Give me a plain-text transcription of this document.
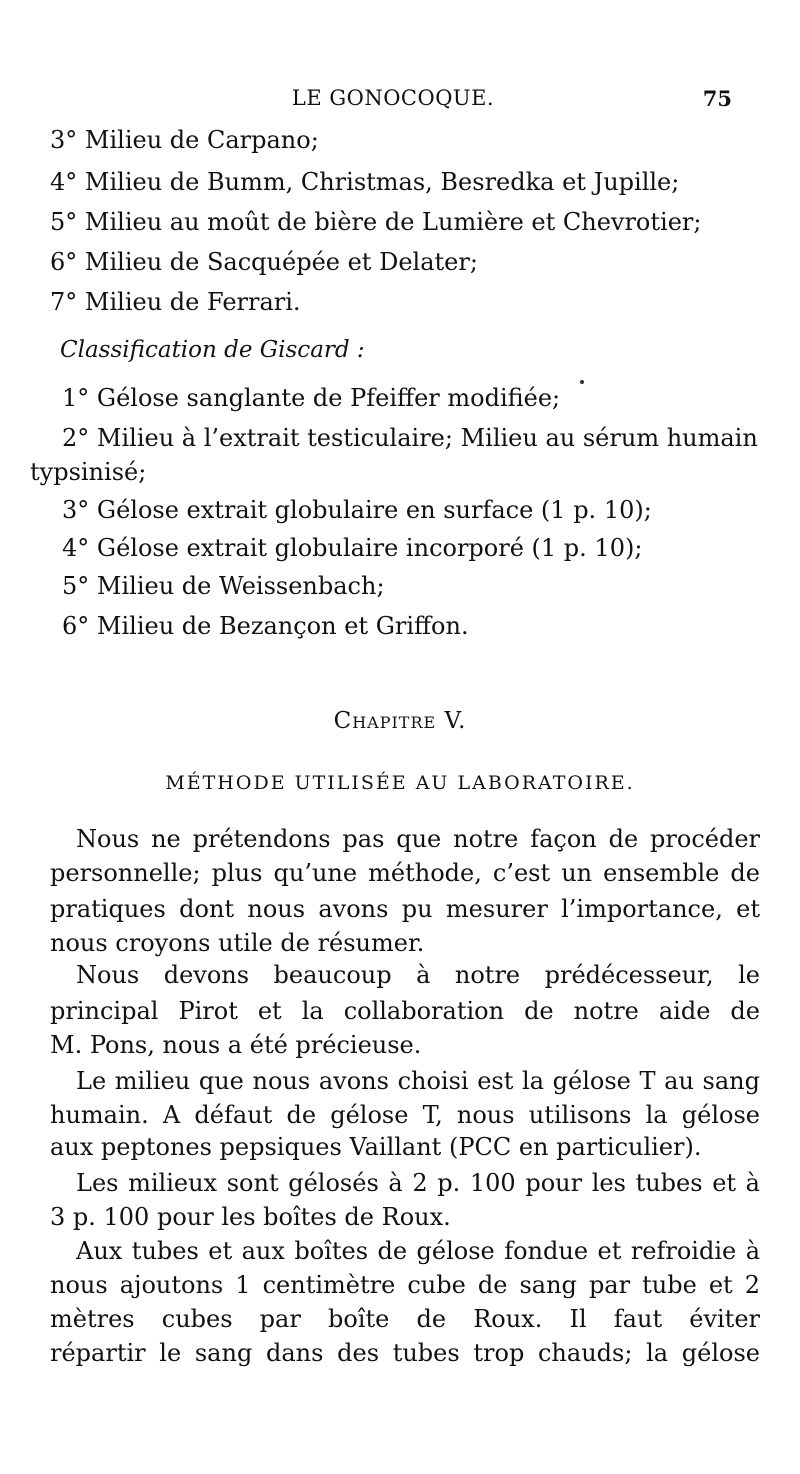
LE GONOCOQUE.	75
3° Milieu de Carpano;
4° Milieu de Bumm, Christmas, Besredka et Jupille;
5° Milieu au moût de bière de Lumière et Chevrotier;
6° Milieu de Sacquépée et Delater;
7° Milieu de Ferrari.
Classification de Giscard :
1° Gélose sanglante de Pfeiffer modifiée;
2° Milieu à l’extrait testiculaire; Milieu au sérum humain
typsinisé;
3° Gélose extrait globulaire en surface (1 p. 10);
4° Gélose extrait globulaire incorporé (1 p. 10);
5° Milieu de Weissenbach;
6° Milieu de Bezançon et Griffon.
Chapitre V.
MÉTHODE UTILISÉE AU LABORATOIRE.
Nous ne prétendons pas que notre façon de procéder
personnelle; plus qu’une méthode, c’est un ensemble de
pratiques dont nous avons pu mesurer l’importance, et
nous croyons utile de résumer.
Nous devons beaucoup à notre prédécesseur, le
principal Pirot et la collaboration de notre aide de
M. Pons, nous a été précieuse.
Le milieu que nous avons choisi est la gélose T au sang
humain. A défaut de gélose T, nous utilisons la gélose
aux peptones pepsiques Vaillant (PCC en particulier).
Les milieux sont gélosés à 2 p. 100 pour les tubes et à
3 p. 100 pour les boîtes de Roux.
Aux tubes et aux boîtes de gélose fondue et refroidie à
nous ajoutons 1 centimètre cube de sang par tube et 2
mètres cubes par boîte de Roux. Il faut éviter
répartir le sang dans des tubes trop chauds; la gélose
